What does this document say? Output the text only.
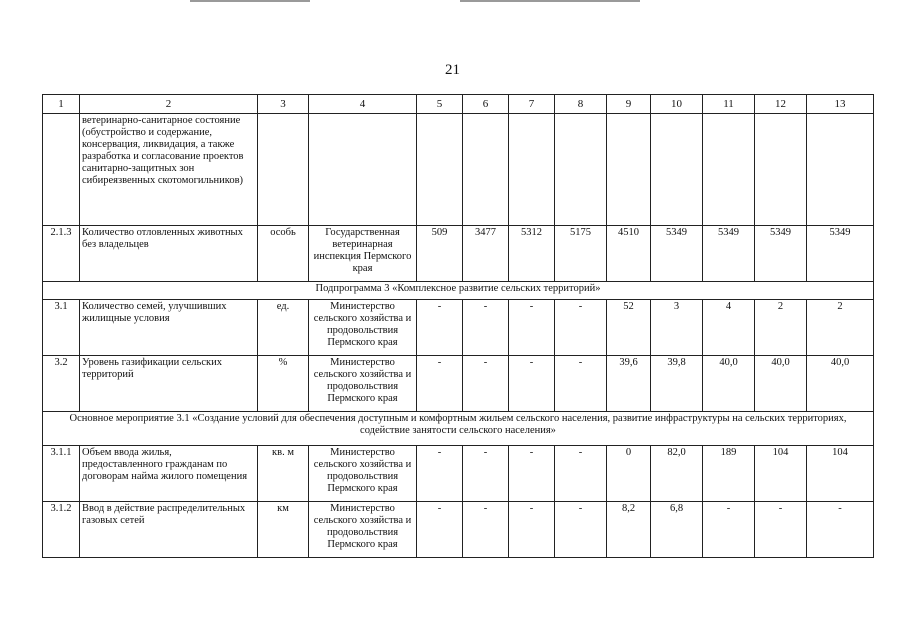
21
1	2	3	4	5	6	7	8	9	10	11	12	13
	ветеринарно-санитарное состояние (обустройство и содержание, консервация, ликвидация, а также разработка и согласование проектов санитарно-защитных зон сибиреязвенных скотомогильников)											
2.1.3	Количество отловленных животных без владельцев	особь	Государственная ветеринарная инспекция Пермского края	509	3477	5312	5175	4510	5349	5349	5349	5349
Подпрограмма 3 «Комплексное развитие сельских территорий»												
3.1	Количество семей, улучшивших жилищные условия	ед.	Министерство сельского хозяйства и продовольствия Пермского края	-	-	-	-	52	3	4	2	2
3.2	Уровень газификации сельских территорий	%	Министерство сельского хозяйства и продовольствия Пермского края	-	-	-	-	39,6	39,8	40,0	40,0	40,0
Основное мероприятие 3.1 «Создание условий для обеспечения доступным и комфортным жильем сельского населения, развитие инфраструктуры на сельских территориях, содействие занятости сельского населения»												
3.1.1	Объем ввода жилья, предоставленного гражданам по договорам найма жилого помещения	кв. м	Министерство сельского хозяйства и продовольствия Пермского края	-	-	-	-	0	82,0	189	104	104
3.1.2	Ввод в действие распределительных газовых сетей	км	Министерство сельского хозяйства и продовольствия Пермского края	-	-	-	-	8,2	6,8	-	-	-
